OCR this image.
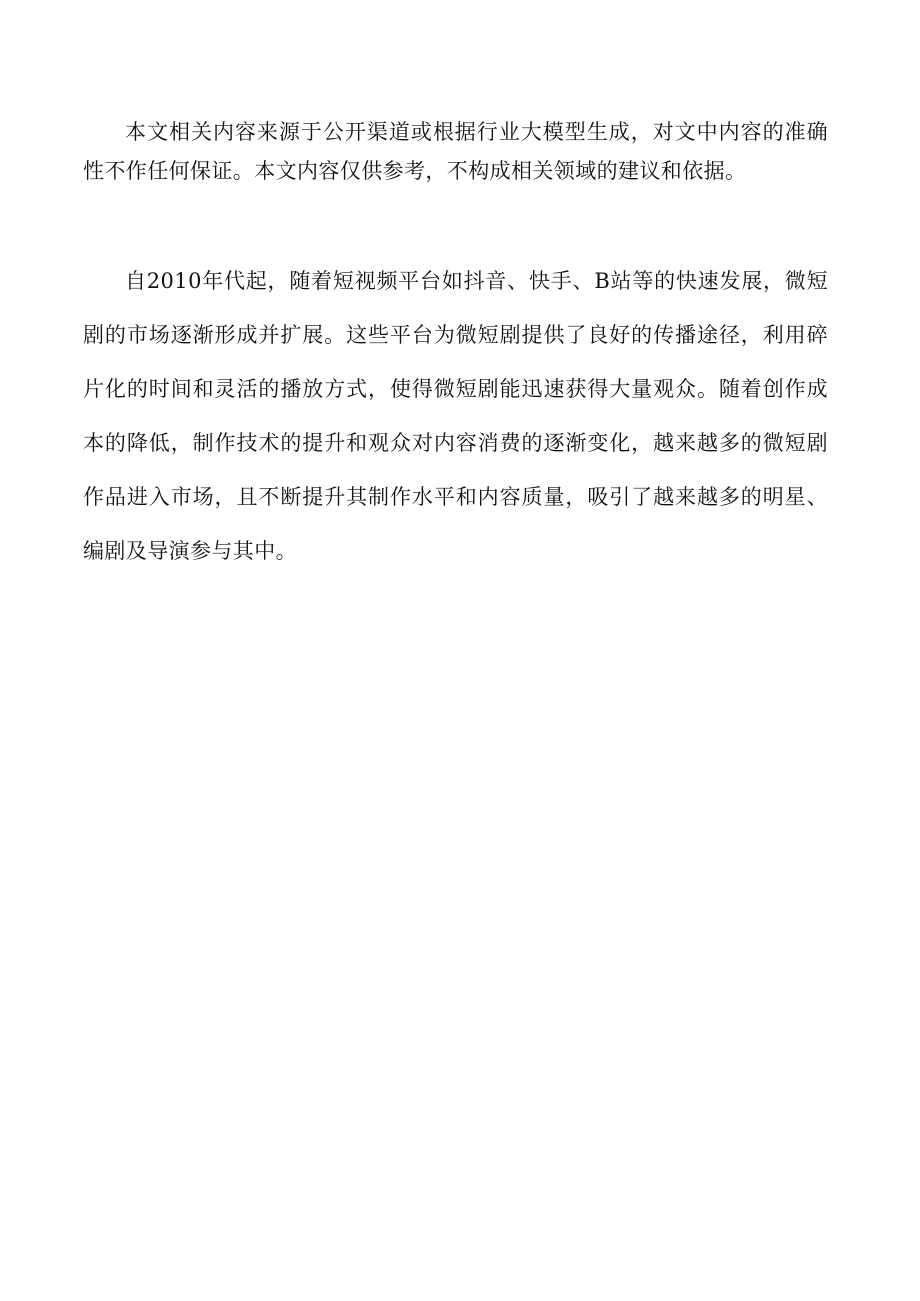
本文相关内容来源于公开渠道或根据行业大模型生成，对文中内容的准确性不作任何保证。本文内容仅供参考，不构成相关领域的建议和依据。

自2010年代起，随着短视频平台如抖音、快手、B站等的快速发展，微短剧的市场逐渐形成并扩展。这些平台为微短剧提供了良好的传播途径，利用碎片化的时间和灵活的播放方式，使得微短剧能迅速获得大量观众。随着创作成本的降低，制作技术的提升和观众对内容消费的逐渐变化，越来越多的微短剧作品进入市场，且不断提升其制作水平和内容质量，吸引了越来越多的明星、编剧及导演参与其中。
